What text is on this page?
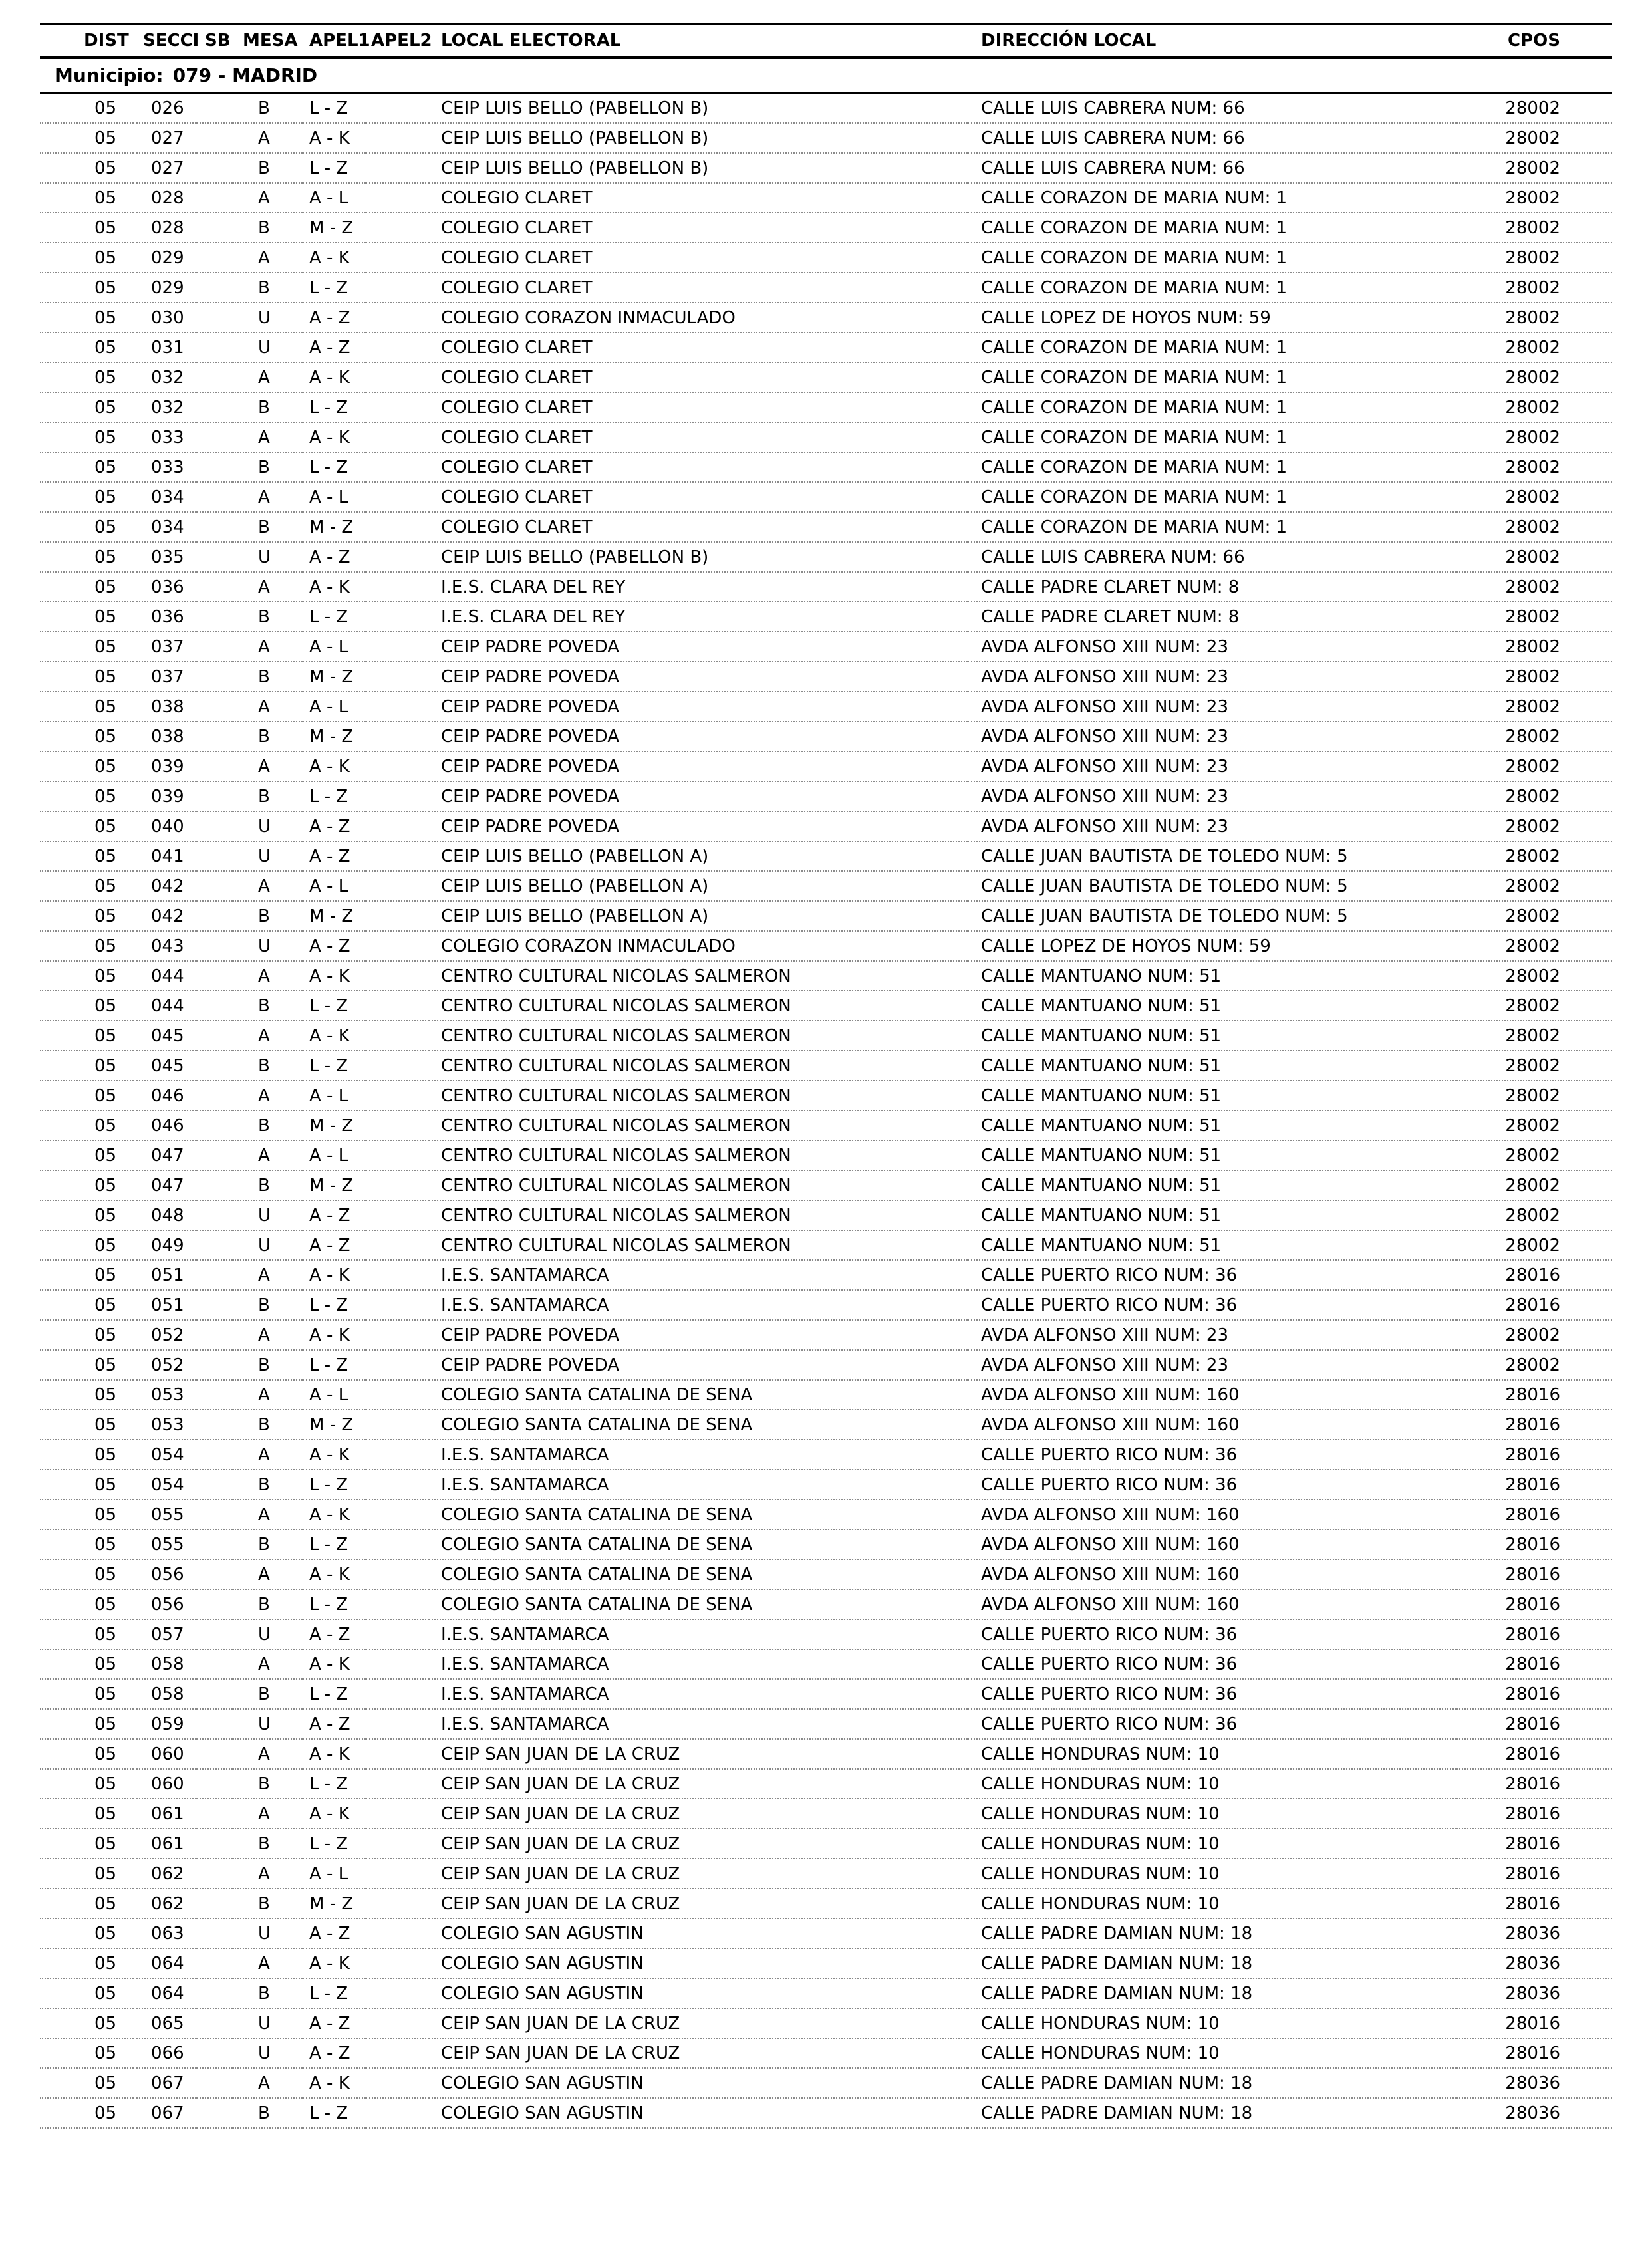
DIST	SECCI	SB	MESA	APEL1	APEL2	LOCAL ELECTORAL	DIRECCIÓN LOCAL	CPOS
Municipio: 079 - MADRID								
05	026		B	L - Z		CEIP LUIS BELLO (PABELLON B)	CALLE LUIS CABRERA NUM: 66	28002
05	027		A	A - K		CEIP LUIS BELLO (PABELLON B)	CALLE LUIS CABRERA NUM: 66	28002
05	027		B	L - Z		CEIP LUIS BELLO (PABELLON B)	CALLE LUIS CABRERA NUM: 66	28002
05	028		A	A - L		COLEGIO CLARET	CALLE CORAZON DE MARIA NUM: 1	28002
05	028		B	M - Z		COLEGIO CLARET	CALLE CORAZON DE MARIA NUM: 1	28002
05	029		A	A - K		COLEGIO CLARET	CALLE CORAZON DE MARIA NUM: 1	28002
05	029		B	L - Z		COLEGIO CLARET	CALLE CORAZON DE MARIA NUM: 1	28002
05	030		U	A - Z		COLEGIO CORAZON INMACULADO	CALLE LOPEZ DE HOYOS NUM: 59	28002
05	031		U	A - Z		COLEGIO CLARET	CALLE CORAZON DE MARIA NUM: 1	28002
05	032		A	A - K		COLEGIO CLARET	CALLE CORAZON DE MARIA NUM: 1	28002
05	032		B	L - Z		COLEGIO CLARET	CALLE CORAZON DE MARIA NUM: 1	28002
05	033		A	A - K		COLEGIO CLARET	CALLE CORAZON DE MARIA NUM: 1	28002
05	033		B	L - Z		COLEGIO CLARET	CALLE CORAZON DE MARIA NUM: 1	28002
05	034		A	A - L		COLEGIO CLARET	CALLE CORAZON DE MARIA NUM: 1	28002
05	034		B	M - Z		COLEGIO CLARET	CALLE CORAZON DE MARIA NUM: 1	28002
05	035		U	A - Z		CEIP LUIS BELLO (PABELLON B)	CALLE LUIS CABRERA NUM: 66	28002
05	036		A	A - K		I.E.S. CLARA DEL REY	CALLE PADRE CLARET NUM: 8	28002
05	036		B	L - Z		I.E.S. CLARA DEL REY	CALLE PADRE CLARET NUM: 8	28002
05	037		A	A - L		CEIP PADRE POVEDA	AVDA ALFONSO XIII NUM: 23	28002
05	037		B	M - Z		CEIP PADRE POVEDA	AVDA ALFONSO XIII NUM: 23	28002
05	038		A	A - L		CEIP PADRE POVEDA	AVDA ALFONSO XIII NUM: 23	28002
05	038		B	M - Z		CEIP PADRE POVEDA	AVDA ALFONSO XIII NUM: 23	28002
05	039		A	A - K		CEIP PADRE POVEDA	AVDA ALFONSO XIII NUM: 23	28002
05	039		B	L - Z		CEIP PADRE POVEDA	AVDA ALFONSO XIII NUM: 23	28002
05	040		U	A - Z		CEIP PADRE POVEDA	AVDA ALFONSO XIII NUM: 23	28002
05	041		U	A - Z		CEIP LUIS BELLO (PABELLON A)	CALLE JUAN BAUTISTA DE TOLEDO NUM: 5	28002
05	042		A	A - L		CEIP LUIS BELLO (PABELLON A)	CALLE JUAN BAUTISTA DE TOLEDO NUM: 5	28002
05	042		B	M - Z		CEIP LUIS BELLO (PABELLON A)	CALLE JUAN BAUTISTA DE TOLEDO NUM: 5	28002
05	043		U	A - Z		COLEGIO CORAZON INMACULADO	CALLE LOPEZ DE HOYOS NUM: 59	28002
05	044		A	A - K		CENTRO CULTURAL NICOLAS SALMERON	CALLE MANTUANO NUM: 51	28002
05	044		B	L - Z		CENTRO CULTURAL NICOLAS SALMERON	CALLE MANTUANO NUM: 51	28002
05	045		A	A - K		CENTRO CULTURAL NICOLAS SALMERON	CALLE MANTUANO NUM: 51	28002
05	045		B	L - Z		CENTRO CULTURAL NICOLAS SALMERON	CALLE MANTUANO NUM: 51	28002
05	046		A	A - L		CENTRO CULTURAL NICOLAS SALMERON	CALLE MANTUANO NUM: 51	28002
05	046		B	M - Z		CENTRO CULTURAL NICOLAS SALMERON	CALLE MANTUANO NUM: 51	28002
05	047		A	A - L		CENTRO CULTURAL NICOLAS SALMERON	CALLE MANTUANO NUM: 51	28002
05	047		B	M - Z		CENTRO CULTURAL NICOLAS SALMERON	CALLE MANTUANO NUM: 51	28002
05	048		U	A - Z		CENTRO CULTURAL NICOLAS SALMERON	CALLE MANTUANO NUM: 51	28002
05	049		U	A - Z		CENTRO CULTURAL NICOLAS SALMERON	CALLE MANTUANO NUM: 51	28002
05	051		A	A - K		I.E.S. SANTAMARCA	CALLE PUERTO RICO NUM: 36	28016
05	051		B	L - Z		I.E.S. SANTAMARCA	CALLE PUERTO RICO NUM: 36	28016
05	052		A	A - K		CEIP PADRE POVEDA	AVDA ALFONSO XIII NUM: 23	28002
05	052		B	L - Z		CEIP PADRE POVEDA	AVDA ALFONSO XIII NUM: 23	28002
05	053		A	A - L		COLEGIO SANTA CATALINA DE SENA	AVDA ALFONSO XIII NUM: 160	28016
05	053		B	M - Z		COLEGIO SANTA CATALINA DE SENA	AVDA ALFONSO XIII NUM: 160	28016
05	054		A	A - K		I.E.S. SANTAMARCA	CALLE PUERTO RICO NUM: 36	28016
05	054		B	L - Z		I.E.S. SANTAMARCA	CALLE PUERTO RICO NUM: 36	28016
05	055		A	A - K		COLEGIO SANTA CATALINA DE SENA	AVDA ALFONSO XIII NUM: 160	28016
05	055		B	L - Z		COLEGIO SANTA CATALINA DE SENA	AVDA ALFONSO XIII NUM: 160	28016
05	056		A	A - K		COLEGIO SANTA CATALINA DE SENA	AVDA ALFONSO XIII NUM: 160	28016
05	056		B	L - Z		COLEGIO SANTA CATALINA DE SENA	AVDA ALFONSO XIII NUM: 160	28016
05	057		U	A - Z		I.E.S. SANTAMARCA	CALLE PUERTO RICO NUM: 36	28016
05	058		A	A - K		I.E.S. SANTAMARCA	CALLE PUERTO RICO NUM: 36	28016
05	058		B	L - Z		I.E.S. SANTAMARCA	CALLE PUERTO RICO NUM: 36	28016
05	059		U	A - Z		I.E.S. SANTAMARCA	CALLE PUERTO RICO NUM: 36	28016
05	060		A	A - K		CEIP SAN JUAN DE LA CRUZ	CALLE HONDURAS NUM: 10	28016
05	060		B	L - Z		CEIP SAN JUAN DE LA CRUZ	CALLE HONDURAS NUM: 10	28016
05	061		A	A - K		CEIP SAN JUAN DE LA CRUZ	CALLE HONDURAS NUM: 10	28016
05	061		B	L - Z		CEIP SAN JUAN DE LA CRUZ	CALLE HONDURAS NUM: 10	28016
05	062		A	A - L		CEIP SAN JUAN DE LA CRUZ	CALLE HONDURAS NUM: 10	28016
05	062		B	M - Z		CEIP SAN JUAN DE LA CRUZ	CALLE HONDURAS NUM: 10	28016
05	063		U	A - Z		COLEGIO SAN AGUSTIN	CALLE PADRE DAMIAN NUM: 18	28036
05	064		A	A - K		COLEGIO SAN AGUSTIN	CALLE PADRE DAMIAN NUM: 18	28036
05	064		B	L - Z		COLEGIO SAN AGUSTIN	CALLE PADRE DAMIAN NUM: 18	28036
05	065		U	A - Z		CEIP SAN JUAN DE LA CRUZ	CALLE HONDURAS NUM: 10	28016
05	066		U	A - Z		CEIP SAN JUAN DE LA CRUZ	CALLE HONDURAS NUM: 10	28016
05	067		A	A - K		COLEGIO SAN AGUSTIN	CALLE PADRE DAMIAN NUM: 18	28036
05	067		B	L - Z		COLEGIO SAN AGUSTIN	CALLE PADRE DAMIAN NUM: 18	28036
